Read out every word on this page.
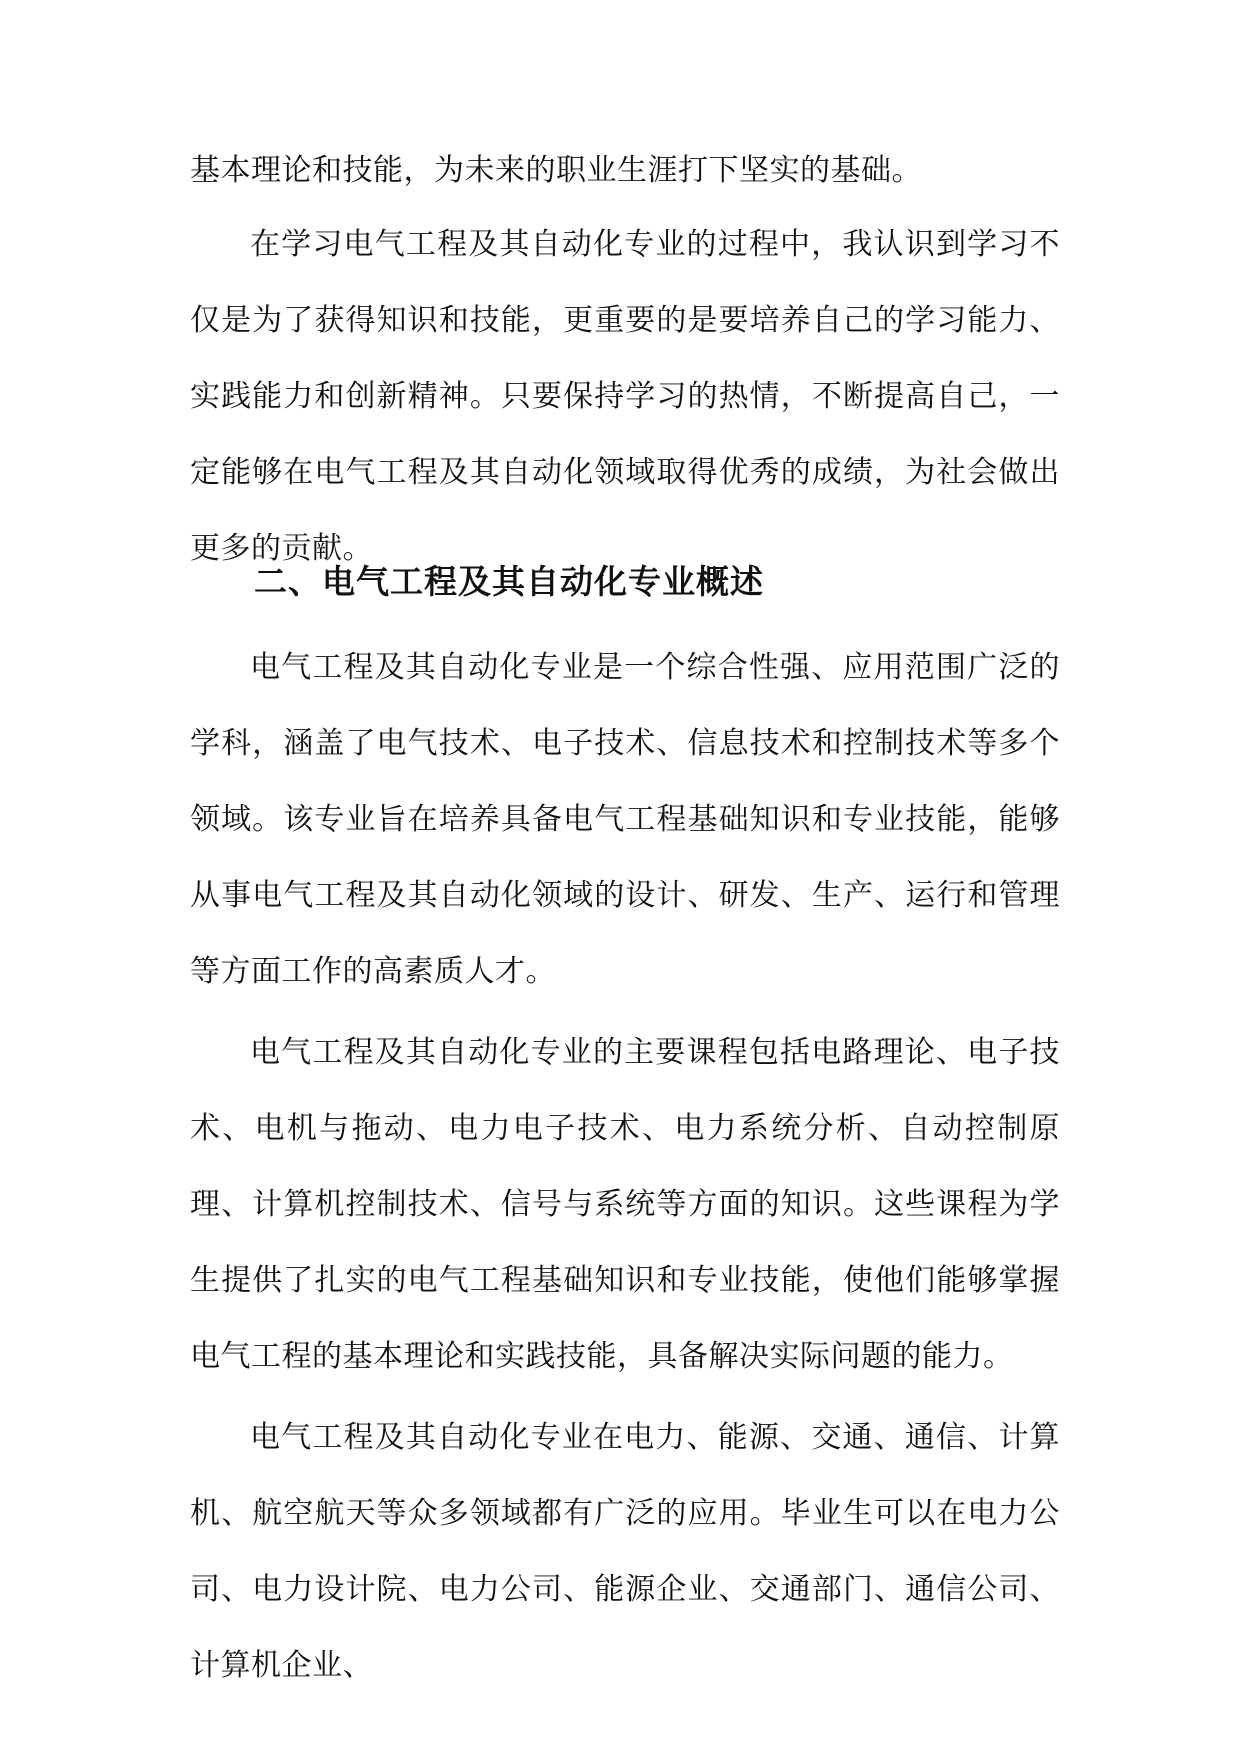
基本理论和技能，为未来的职业生涯打下坚实的基础。

在学习电气工程及其自动化专业的过程中，我认识到学习不仅是为了获得知识和技能，更重要的是要培养自己的学习能力、实践能力和创新精神。只要保持学习的热情，不断提高自己，一定能够在电气工程及其自动化领域取得优秀的成绩，为社会做出更多的贡献。

二、电气工程及其自动化专业概述

电气工程及其自动化专业是一个综合性强、应用范围广泛的学科，涵盖了电气技术、电子技术、信息技术和控制技术等多个领域。该专业旨在培养具备电气工程基础知识和专业技能，能够从事电气工程及其自动化领域的设计、研发、生产、运行和管理等方面工作的高素质人才。

电气工程及其自动化专业的主要课程包括电路理论、电子技术、电机与拖动、电力电子技术、电力系统分析、自动控制原理、计算机控制技术、信号与系统等方面的知识。这些课程为学生提供了扎实的电气工程基础知识和专业技能，使他们能够掌握电气工程的基本理论和实践技能，具备解决实际问题的能力。

电气工程及其自动化专业在电力、能源、交通、通信、计算机、航空航天等众多领域都有广泛的应用。毕业生可以在电力公司、电力设计院、电力公司、能源企业、交通部门、通信公司、计算机企业、
